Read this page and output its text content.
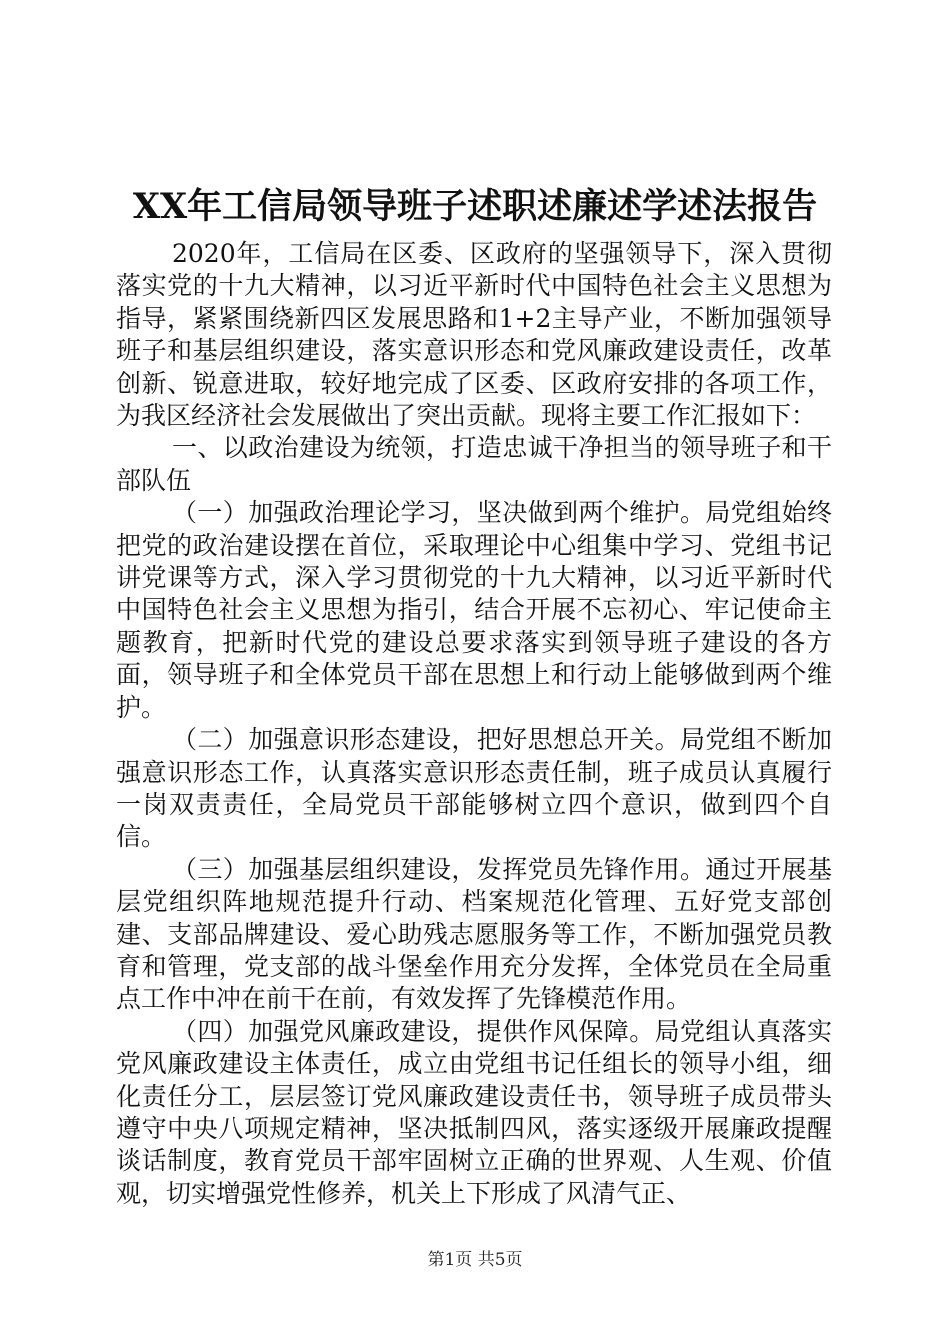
XX年工信局领导班子述职述廉述学述法报告

2020年，工信局在区委、区政府的坚强领导下，深入贯彻落实党的十九大精神，以习近平新时代中国特色社会主义思想为指导，紧紧围绕新四区发展思路和1+2主导产业，不断加强领导班子和基层组织建设，落实意识形态和党风廉政建设责任，改革创新、锐意进取，较好地完成了区委、区政府安排的各项工作，为我区经济社会发展做出了突出贡献。现将主要工作汇报如下：

一、以政治建设为统领，打造忠诚干净担当的领导班子和干部队伍

（一）加强政治理论学习，坚决做到两个维护。局党组始终把党的政治建设摆在首位，采取理论中心组集中学习、党组书记讲党课等方式，深入学习贯彻党的十九大精神，以习近平新时代中国特色社会主义思想为指引，结合开展不忘初心、牢记使命主题教育，把新时代党的建设总要求落实到领导班子建设的各方面，领导班子和全体党员干部在思想上和行动上能够做到两个维护。

（二）加强意识形态建设，把好思想总开关。局党组不断加强意识形态工作，认真落实意识形态责任制，班子成员认真履行一岗双责责任，全局党员干部能够树立四个意识，做到四个自信。

（三）加强基层组织建设，发挥党员先锋作用。通过开展基层党组织阵地规范提升行动、档案规范化管理、五好党支部创建、支部品牌建设、爱心助残志愿服务等工作，不断加强党员教育和管理，党支部的战斗堡垒作用充分发挥，全体党员在全局重点工作中冲在前干在前，有效发挥了先锋模范作用。

（四）加强党风廉政建设，提供作风保障。局党组认真落实党风廉政建设主体责任，成立由党组书记任组长的领导小组，细化责任分工，层层签订党风廉政建设责任书，领导班子成员带头遵守中央八项规定精神，坚决抵制四风，落实逐级开展廉政提醒谈话制度，教育党员干部牢固树立正确的世界观、人生观、价值观，切实增强党性修养，机关上下形成了风清气正、

第1页 共5页
